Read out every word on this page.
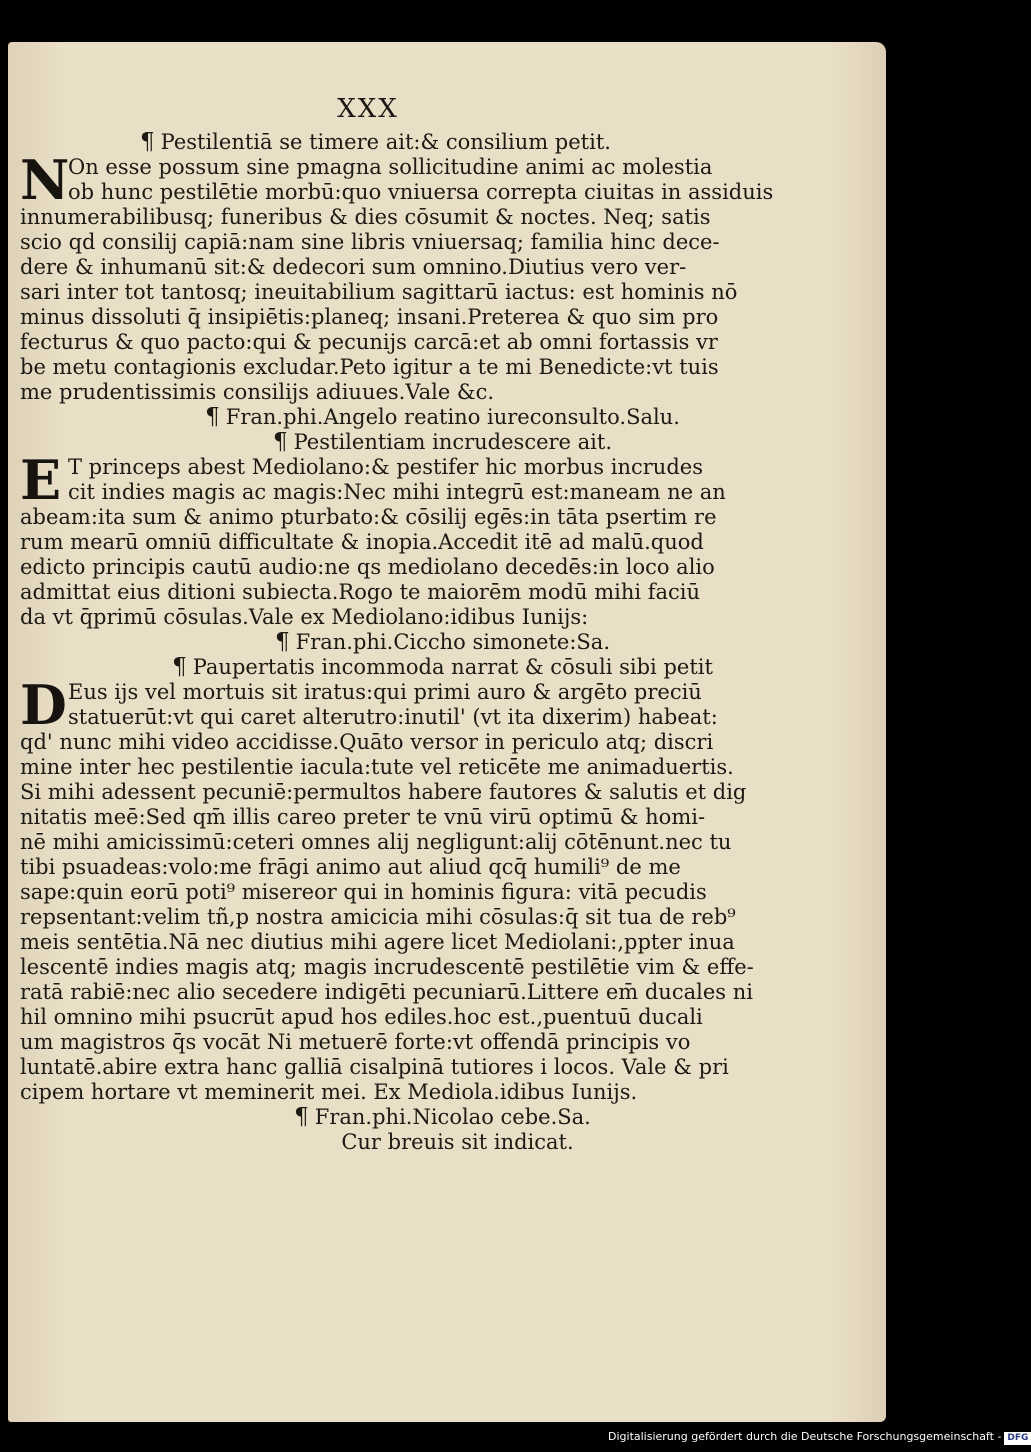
XXX
¶ Pestilentiā se timere ait:& consilium petit.
N
On esse possum sine pmagna sollicitudine animi ac molestia
ob hunc pestilētie morbū:quo vniuersa correpta ciuitas in assiduis
innumerabilibusq; funeribus & dies cōsumit & noctes. Neq; satis
scio qd consilij capiā:nam sine libris vniuersaq; familia hinc dece-
dere & inhumanū sit:& dedecori sum omnino.Diutius vero ver-
sari inter tot tantosq; ineuitabilium sagittarū iactus: est hominis nō
minus dissoluti q̄ insipiētis:planeq; insani.Preterea & quo sim pro
fecturus & quo pacto:qui & pecunijs carcā:et ab omni fortassis vr
be metu contagionis excludar.Peto igitur a te mi Benedicte:vt tuis
me prudentissimis consilijs adiuues.Vale &c.
¶ Fran.phi.Angelo reatino iureconsulto.Salu.
¶ Pestilentiam incrudescere ait.
E T princeps abest Mediolano:& pestifer hic morbus incrudes
cit indies magis ac magis:Nec mihi integrū est:maneam ne an
abeam:ita sum & animo pturbato:& cōsilij egēs:in tāta psertim re
rum mearū omniū difficultate & inopia.Accedit itē ad malū.quod
edicto principis cautū audio:ne qs mediolano decedēs:in loco alio
admittat eius ditioni subiecta.Rogo te maiorēm modū mihi faciū
da vt q̄primū cōsulas.Vale ex Mediolano:idibus Iunijs:
¶ Fran.phi.Ciccho simonete:Sa.
¶ Paupertatis incommoda narrat & cōsuli sibi petit
D Eus ijs vel mortuis sit iratus:qui primi auro & argēto preciū
statuerūt:vt qui caret alterutro:inutil' (vt ita dixerim) habeat:
qd' nunc mihi video accidisse.Quāto versor in periculo atq; discri
mine inter hec pestilentie iacula:tute vel reticēte me animaduertis.
Si mihi adessent pecuniē:permultos habere fautores & salutis et dig
nitatis meē:Sed qm̄ illis careo preter te vnū virū optimū & homi-
nē mihi amicissimū:ceteri omnes alij negligunt:alij cōtēnunt.nec tu
tibi psuadeas:volo:me frāgi animo aut aliud qcq̄ humili⁹ de me
sape:quin eorū poti⁹ misereor qui in hominis figura: vitā pecudis
repsentant:velim tñ,p nostra amicicia mihi cōsulas:q̄ sit tua de reb⁹
meis sentētia.Nā nec diutius mihi agere licet Mediolani:,ppter inua
lescentē indies magis atq; magis incrudescentē pestilētie vim & effe-
ratā rabiē:nec alio secedere indigēti pecuniarū.Littere em̄ ducales ni
hil omnino mihi psucrūt apud hos ediles.hoc est.,puentuū ducali
um magistros q̄s vocāt Ni metuerē forte:vt offendā principis vo
luntatē.abire extra hanc galliā cisalpinā tutiores i locos. Vale & pri
cipem hortare vt meminerit mei. Ex Mediola.idibus Iunijs.
¶ Fran.phi.Nicolao cebe.Sa.
Cur breuis sit indicat.
Digitalisierung gefördert durch die Deutsche Forschungsgemeinschaft - DFG
